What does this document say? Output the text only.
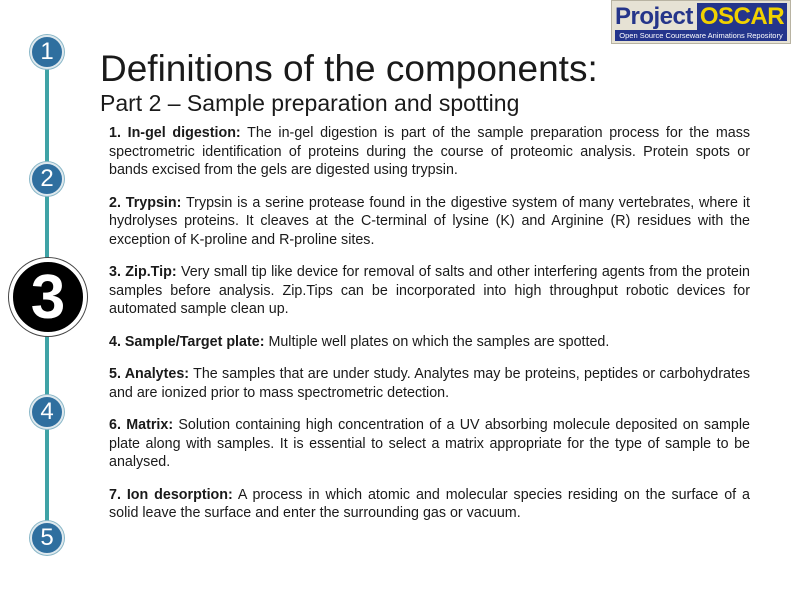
1
2
3
4
5
Project OSCAR
Open Source Courseware Animations Repository
Definitions of the components:
Part 2 – Sample preparation and spotting

1. In-gel digestion: The in-gel digestion is part of the sample preparation process for the mass spectrometric identification of proteins during the course of proteomic analysis. Protein spots or bands excised from the gels are digested using trypsin.

2. Trypsin: Trypsin is a serine protease found in the digestive system of many vertebrates, where it hydrolyses proteins. It cleaves at the C-terminal of lysine (K) and Arginine (R) residues with the exception of K-proline and R-proline sites.

3. Zip.Tip: Very small tip like device for removal of salts and other interfering agents from the protein samples before analysis. Zip.Tips can be incorporated into high throughput robotic devices for automated sample clean up.

4. Sample/Target plate: Multiple well plates on which the samples are spotted.

5. Analytes: The samples that are under study. Analytes may be proteins, peptides or carbohydrates and are ionized prior to mass spectrometric detection.

6. Matrix: Solution containing high concentration of a UV absorbing molecule deposited on sample plate along with samples. It is essential to select a matrix appropriate for the type of sample to be analysed.

7. Ion desorption: A process in which atomic and molecular species residing on the surface of a solid leave the surface and enter the surrounding gas or vacuum.
